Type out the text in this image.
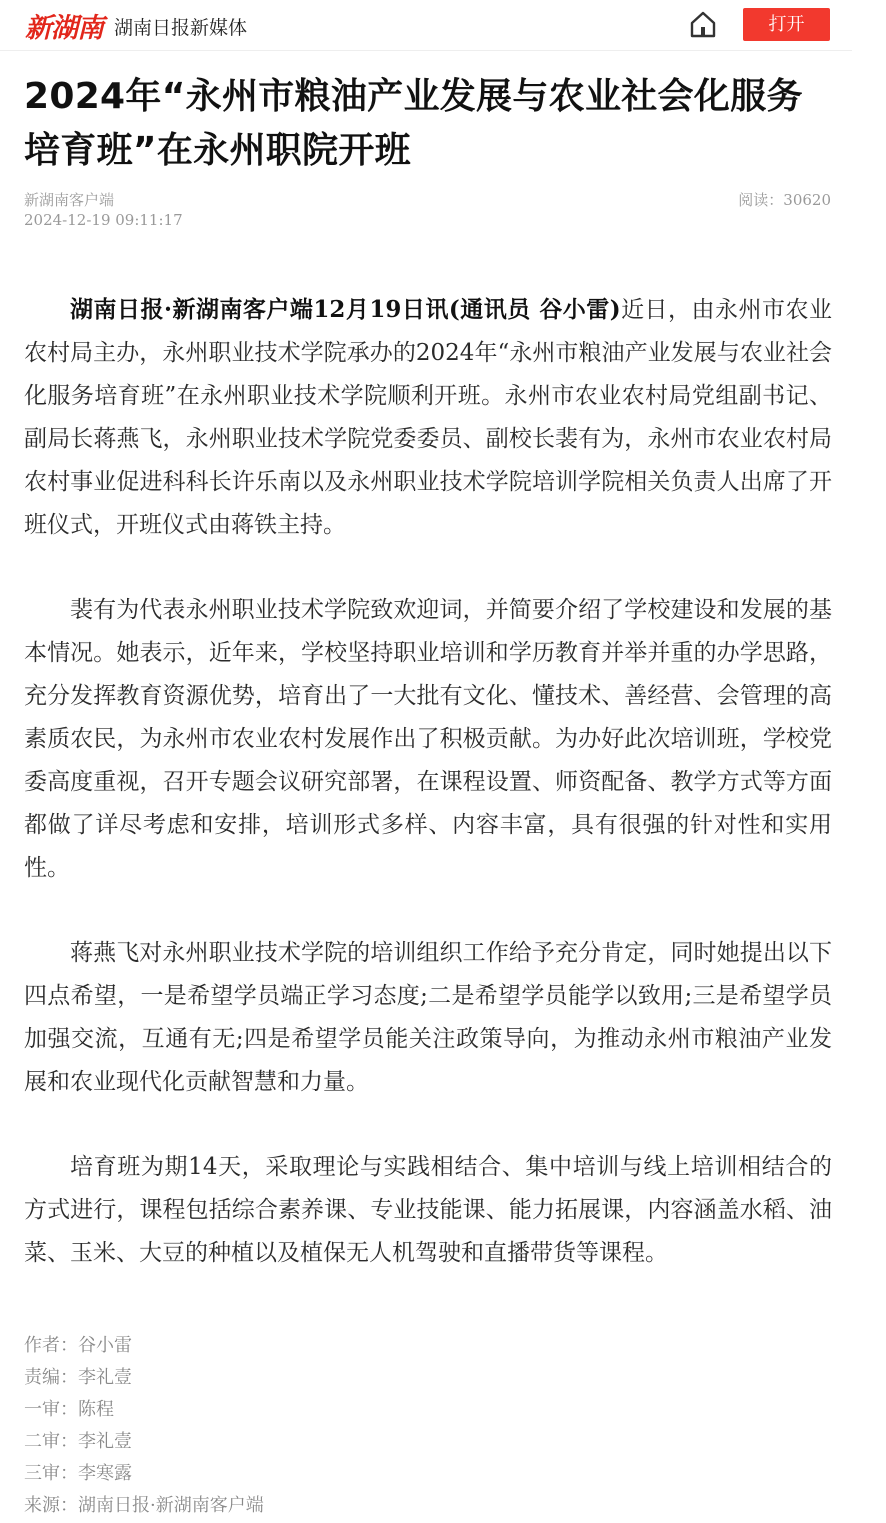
新湖南 湖南日报新媒体	打开
2024年“永州市粮油产业发展与农业社会化服务培育班”在永州职院开班
新湖南客户端
2024-12-19 09:11:17
阅读：30620

湖南日报·新湖南客户端12月19日讯(通讯员 谷小雷)近日，由永州市农业农村局主办，永州职业技术学院承办的2024年“永州市粮油产业发展与农业社会化服务培育班”在永州职业技术学院顺利开班。永州市农业农村局党组副书记、副局长蒋燕飞，永州职业技术学院党委委员、副校长裴有为，永州市农业农村局农村事业促进科科长许乐南以及永州职业技术学院培训学院相关负责人出席了开班仪式，开班仪式由蒋铁主持。

裴有为代表永州职业技术学院致欢迎词，并简要介绍了学校建设和发展的基本情况。她表示，近年来，学校坚持职业培训和学历教育并举并重的办学思路，充分发挥教育资源优势，培育出了一大批有文化、懂技术、善经营、会管理的高素质农民，为永州市农业农村发展作出了积极贡献。为办好此次培训班，学校党委高度重视，召开专题会议研究部署，在课程设置、师资配备、教学方式等方面都做了详尽考虑和安排，培训形式多样、内容丰富，具有很强的针对性和实用性。

蒋燕飞对永州职业技术学院的培训组织工作给予充分肯定，同时她提出以下四点希望，一是希望学员端正学习态度;二是希望学员能学以致用;三是希望学员加强交流，互通有无;四是希望学员能关注政策导向，为推动永州市粮油产业发展和农业现代化贡献智慧和力量。

培育班为期14天，采取理论与实践相结合、集中培训与线上培训相结合的方式进行，课程包括综合素养课、专业技能课、能力拓展课，内容涵盖水稻、油菜、玉米、大豆的种植以及植保无人机驾驶和直播带货等课程。

作者：谷小雷
责编：李礼壹
一审：陈程
二审：李礼壹
三审：李寒露
来源：湖南日报·新湖南客户端
